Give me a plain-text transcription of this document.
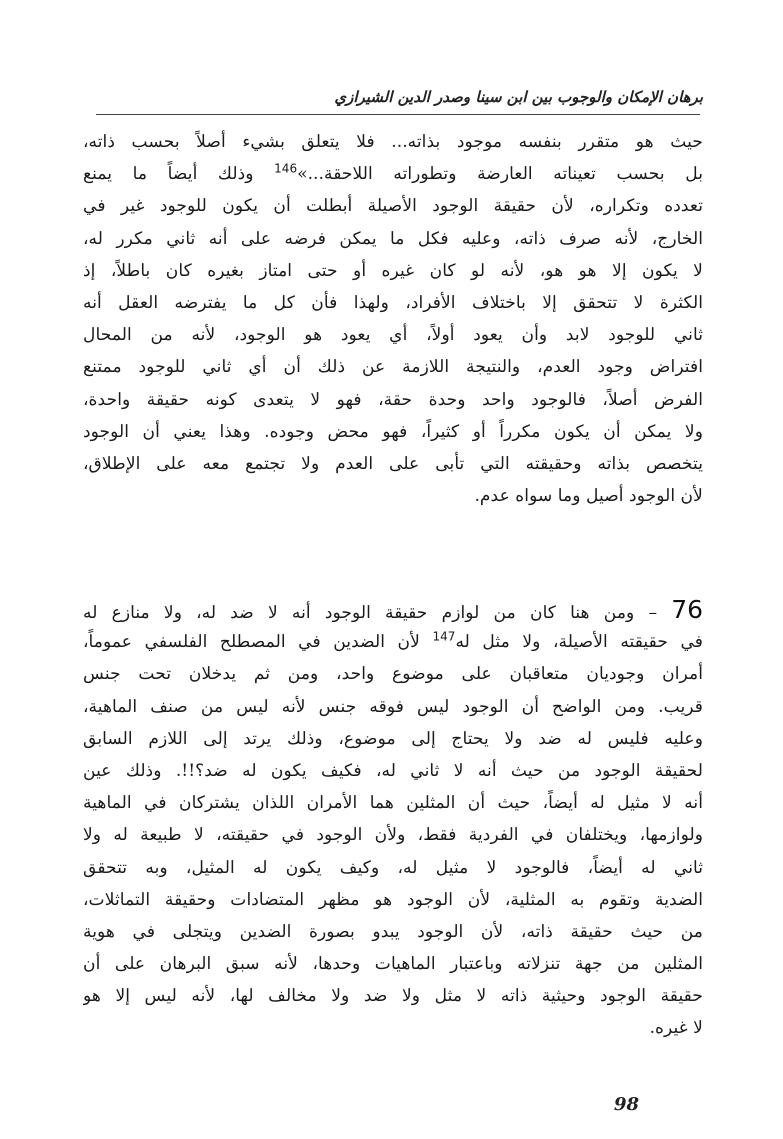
برهان الإمكان والوجوب بين ابن سينا وصدر الدين الشيرازي
حيث هو متقرر بنفسه موجود بذاته... فلا يتعلق بشيء أصلاً بحسب ذاته،
بل بحسب تعيناته العارضة وتطوراته اللاحقة...»$^{146}$ وذلك أيضاً ما يمنع
تعدده وتكراره، لأن حقيقة الوجود الأصيلة أبطلت أن يكون للوجود غير في
الخارج، لأنه صرف ذاته، وعليه فكل ما يمكن فرضه على أنه ثاني مكرر له،
لا يكون إلا هو هو، لأنه لو كان غيره أو حتى امتاز بغيره كان باطلاً، إذ
الكثرة لا تتحقق إلا باختلاف الأفراد، ولهذا فأن كل ما يفترضه العقل أنه
ثاني للوجود لابد وأن يعود أولاً، أي يعود هو الوجود، لأنه من المحال
افتراض وجود العدم، والنتيجة اللازمة عن ذلك أن أي ثاني للوجود ممتنع
الفرض أصلاً، فالوجود واحد وحدة حقة، فهو لا يتعدى كونه حقيقة واحدة،
ولا يمكن أن يكون مكرراً أو كثيراً، فهو محض وجوده. وهذا يعني أن الوجود
يتخصص بذاته وحقيقته التي تأبى على العدم ولا تجتمع معه على الإطلاق،
لأن الوجود أصيل وما سواه عدم.
76 – ومن هنا كان من لوازم حقيقة الوجود أنه لا ضد له، ولا منازع له
في حقيقته الأصيلة، ولا مثل له$^{147}$ لأن الضدين في المصطلح الفلسفي عموماً،
أمران وجوديان متعاقبان على موضوع واحد، ومن ثم يدخلان تحت جنس
قريب. ومن الواضح أن الوجود ليس فوقه جنس لأنه ليس من صنف الماهية،
وعليه فليس له ضد ولا يحتاج إلى موضوع، وذلك يرتد إلى اللازم السابق
لحقيقة الوجود من حيث أنه لا ثاني له، فكيف يكون له ضد؟!!. وذلك عين
أنه لا مثيل له أيضاً، حيث أن المثلين هما الأمران اللذان يشتركان في الماهية
ولوازمها، ويختلفان في الفردية فقط، ولأن الوجود في حقيقته، لا طبيعة له ولا
ثاني له أيضاً، فالوجود لا مثيل له، وكيف يكون له المثيل، وبه تتحقق
الضدية وتقوم به المثلية، لأن الوجود هو مظهر المتضادات وحقيقة التماثلات،
من حيث حقيقة ذاته، لأن الوجود يبدو بصورة الضدين ويتجلى في هوية
المثلين من جهة تنزلاته وباعتبار الماهيات وحدها، لأنه سبق البرهان على أن
حقيقة الوجود وحيثية ذاته لا مثل ولا ضد ولا مخالف لها، لأنه ليس إلا هو
لا غيره.
98
